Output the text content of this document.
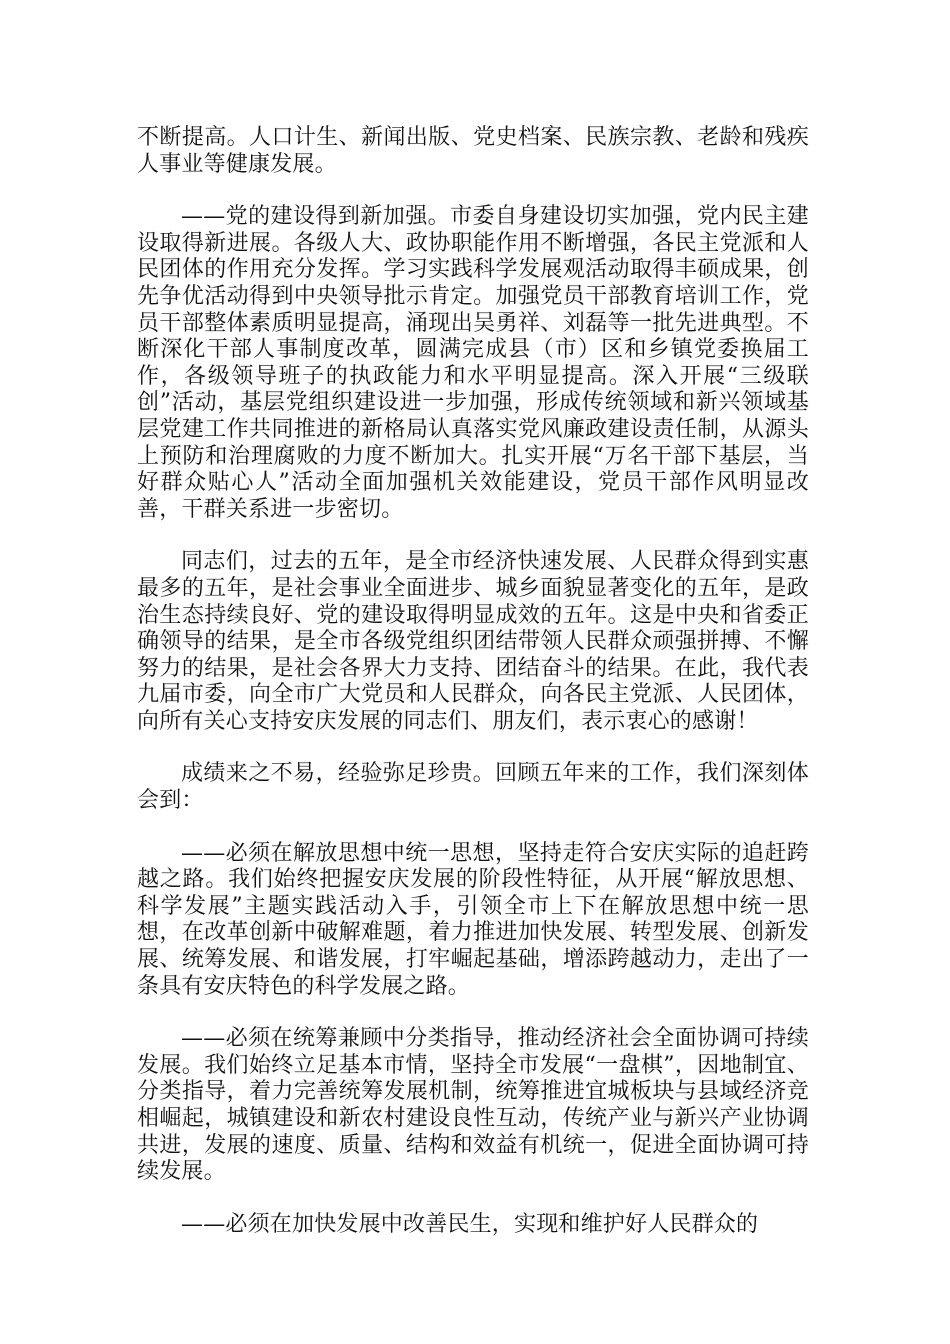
不断提高。人口计生、新闻出版、党史档案、民族宗教、老龄和残疾人事业等健康发展。

——党的建设得到新加强。市委自身建设切实加强，党内民主建设取得新进展。各级人大、政协职能作用不断增强，各民主党派和人民团体的作用充分发挥。学习实践科学发展观活动取得丰硕成果，创先争优活动得到中央领导批示肯定。加强党员干部教育培训工作，党员干部整体素质明显提高，涌现出吴勇祥、刘磊等一批先进典型。不断深化干部人事制度改革，圆满完成县（市）区和乡镇党委换届工作，各级领导班子的执政能力和水平明显提高。深入开展“三级联创”活动，基层党组织建设进一步加强，形成传统领域和新兴领域基层党建工作共同推进的新格局认真落实党风廉政建设责任制，从源头上预防和治理腐败的力度不断加大。扎实开展“万名干部下基层，当好群众贴心人”活动全面加强机关效能建设，党员干部作风明显改善，干群关系进一步密切。

同志们，过去的五年，是全市经济快速发展、人民群众得到实惠最多的五年，是社会事业全面进步、城乡面貌显著变化的五年，是政治生态持续良好、党的建设取得明显成效的五年。这是中央和省委正确领导的结果，是全市各级党组织团结带领人民群众顽强拼搏、不懈努力的结果，是社会各界大力支持、团结奋斗的结果。在此，我代表九届市委，向全市广大党员和人民群众，向各民主党派、人民团体，向所有关心支持安庆发展的同志们、朋友们，表示衷心的感谢！

成绩来之不易，经验弥足珍贵。回顾五年来的工作，我们深刻体会到：

——必须在解放思想中统一思想，坚持走符合安庆实际的追赶跨越之路。我们始终把握安庆发展的阶段性特征，从开展“解放思想、科学发展”主题实践活动入手，引领全市上下在解放思想中统一思想，在改革创新中破解难题，着力推进加快发展、转型发展、创新发展、统筹发展、和谐发展，打牢崛起基础，增添跨越动力，走出了一条具有安庆特色的科学发展之路。

——必须在统筹兼顾中分类指导，推动经济社会全面协调可持续发展。我们始终立足基本市情，坚持全市发展“一盘棋”，因地制宜、分类指导，着力完善统筹发展机制，统筹推进宜城板块与县域经济竞相崛起，城镇建设和新农村建设良性互动，传统产业与新兴产业协调共进，发展的速度、质量、结构和效益有机统一，促进全面协调可持续发展。

——必须在加快发展中改善民生，实现和维护好人民群众的
